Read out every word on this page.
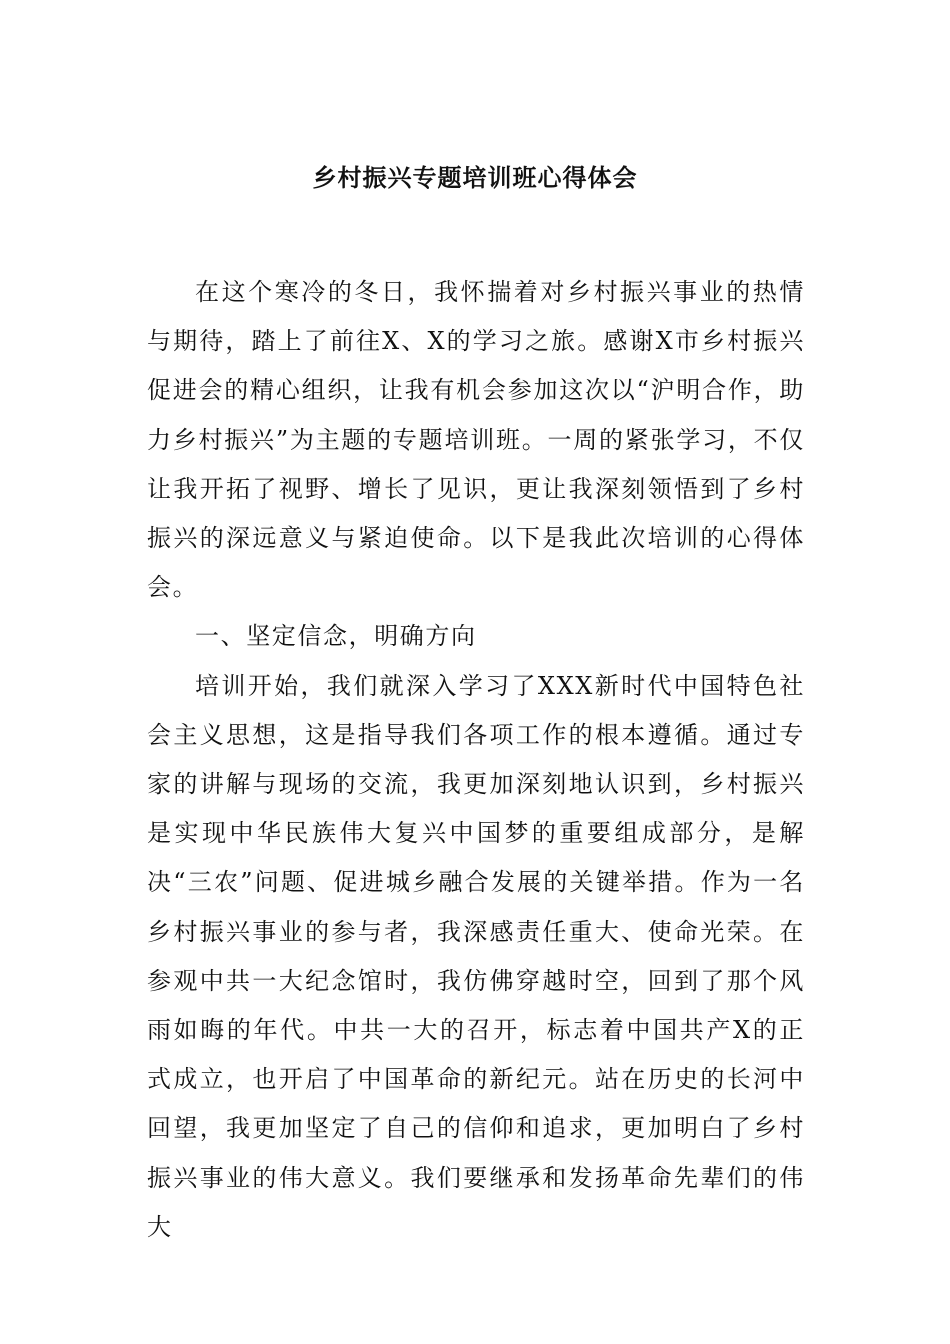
乡村振兴专题培训班心得体会

在这个寒冷的冬日，我怀揣着对乡村振兴事业的热情与期待，踏上了前往X、X的学习之旅。感谢X市乡村振兴促进会的精心组织，让我有机会参加这次以“沪明合作，助力乡村振兴”为主题的专题培训班。一周的紧张学习，不仅让我开拓了视野、增长了见识，更让我深刻领悟到了乡村振兴的深远意义与紧迫使命。以下是我此次培训的心得体会。

一、坚定信念，明确方向

培训开始，我们就深入学习了XXX新时代中国特色社会主义思想，这是指导我们各项工作的根本遵循。通过专家的讲解与现场的交流，我更加深刻地认识到，乡村振兴是实现中华民族伟大复兴中国梦的重要组成部分，是解决“三农”问题、促进城乡融合发展的关键举措。作为一名乡村振兴事业的参与者，我深感责任重大、使命光荣。在参观中共一大纪念馆时，我仿佛穿越时空，回到了那个风雨如晦的年代。中共一大的召开，标志着中国共产X的正式成立，也开启了中国革命的新纪元。站在历史的长河中回望，我更加坚定了自己的信仰和追求，更加明白了乡村振兴事业的伟大意义。我们要继承和发扬革命先辈们的伟大
